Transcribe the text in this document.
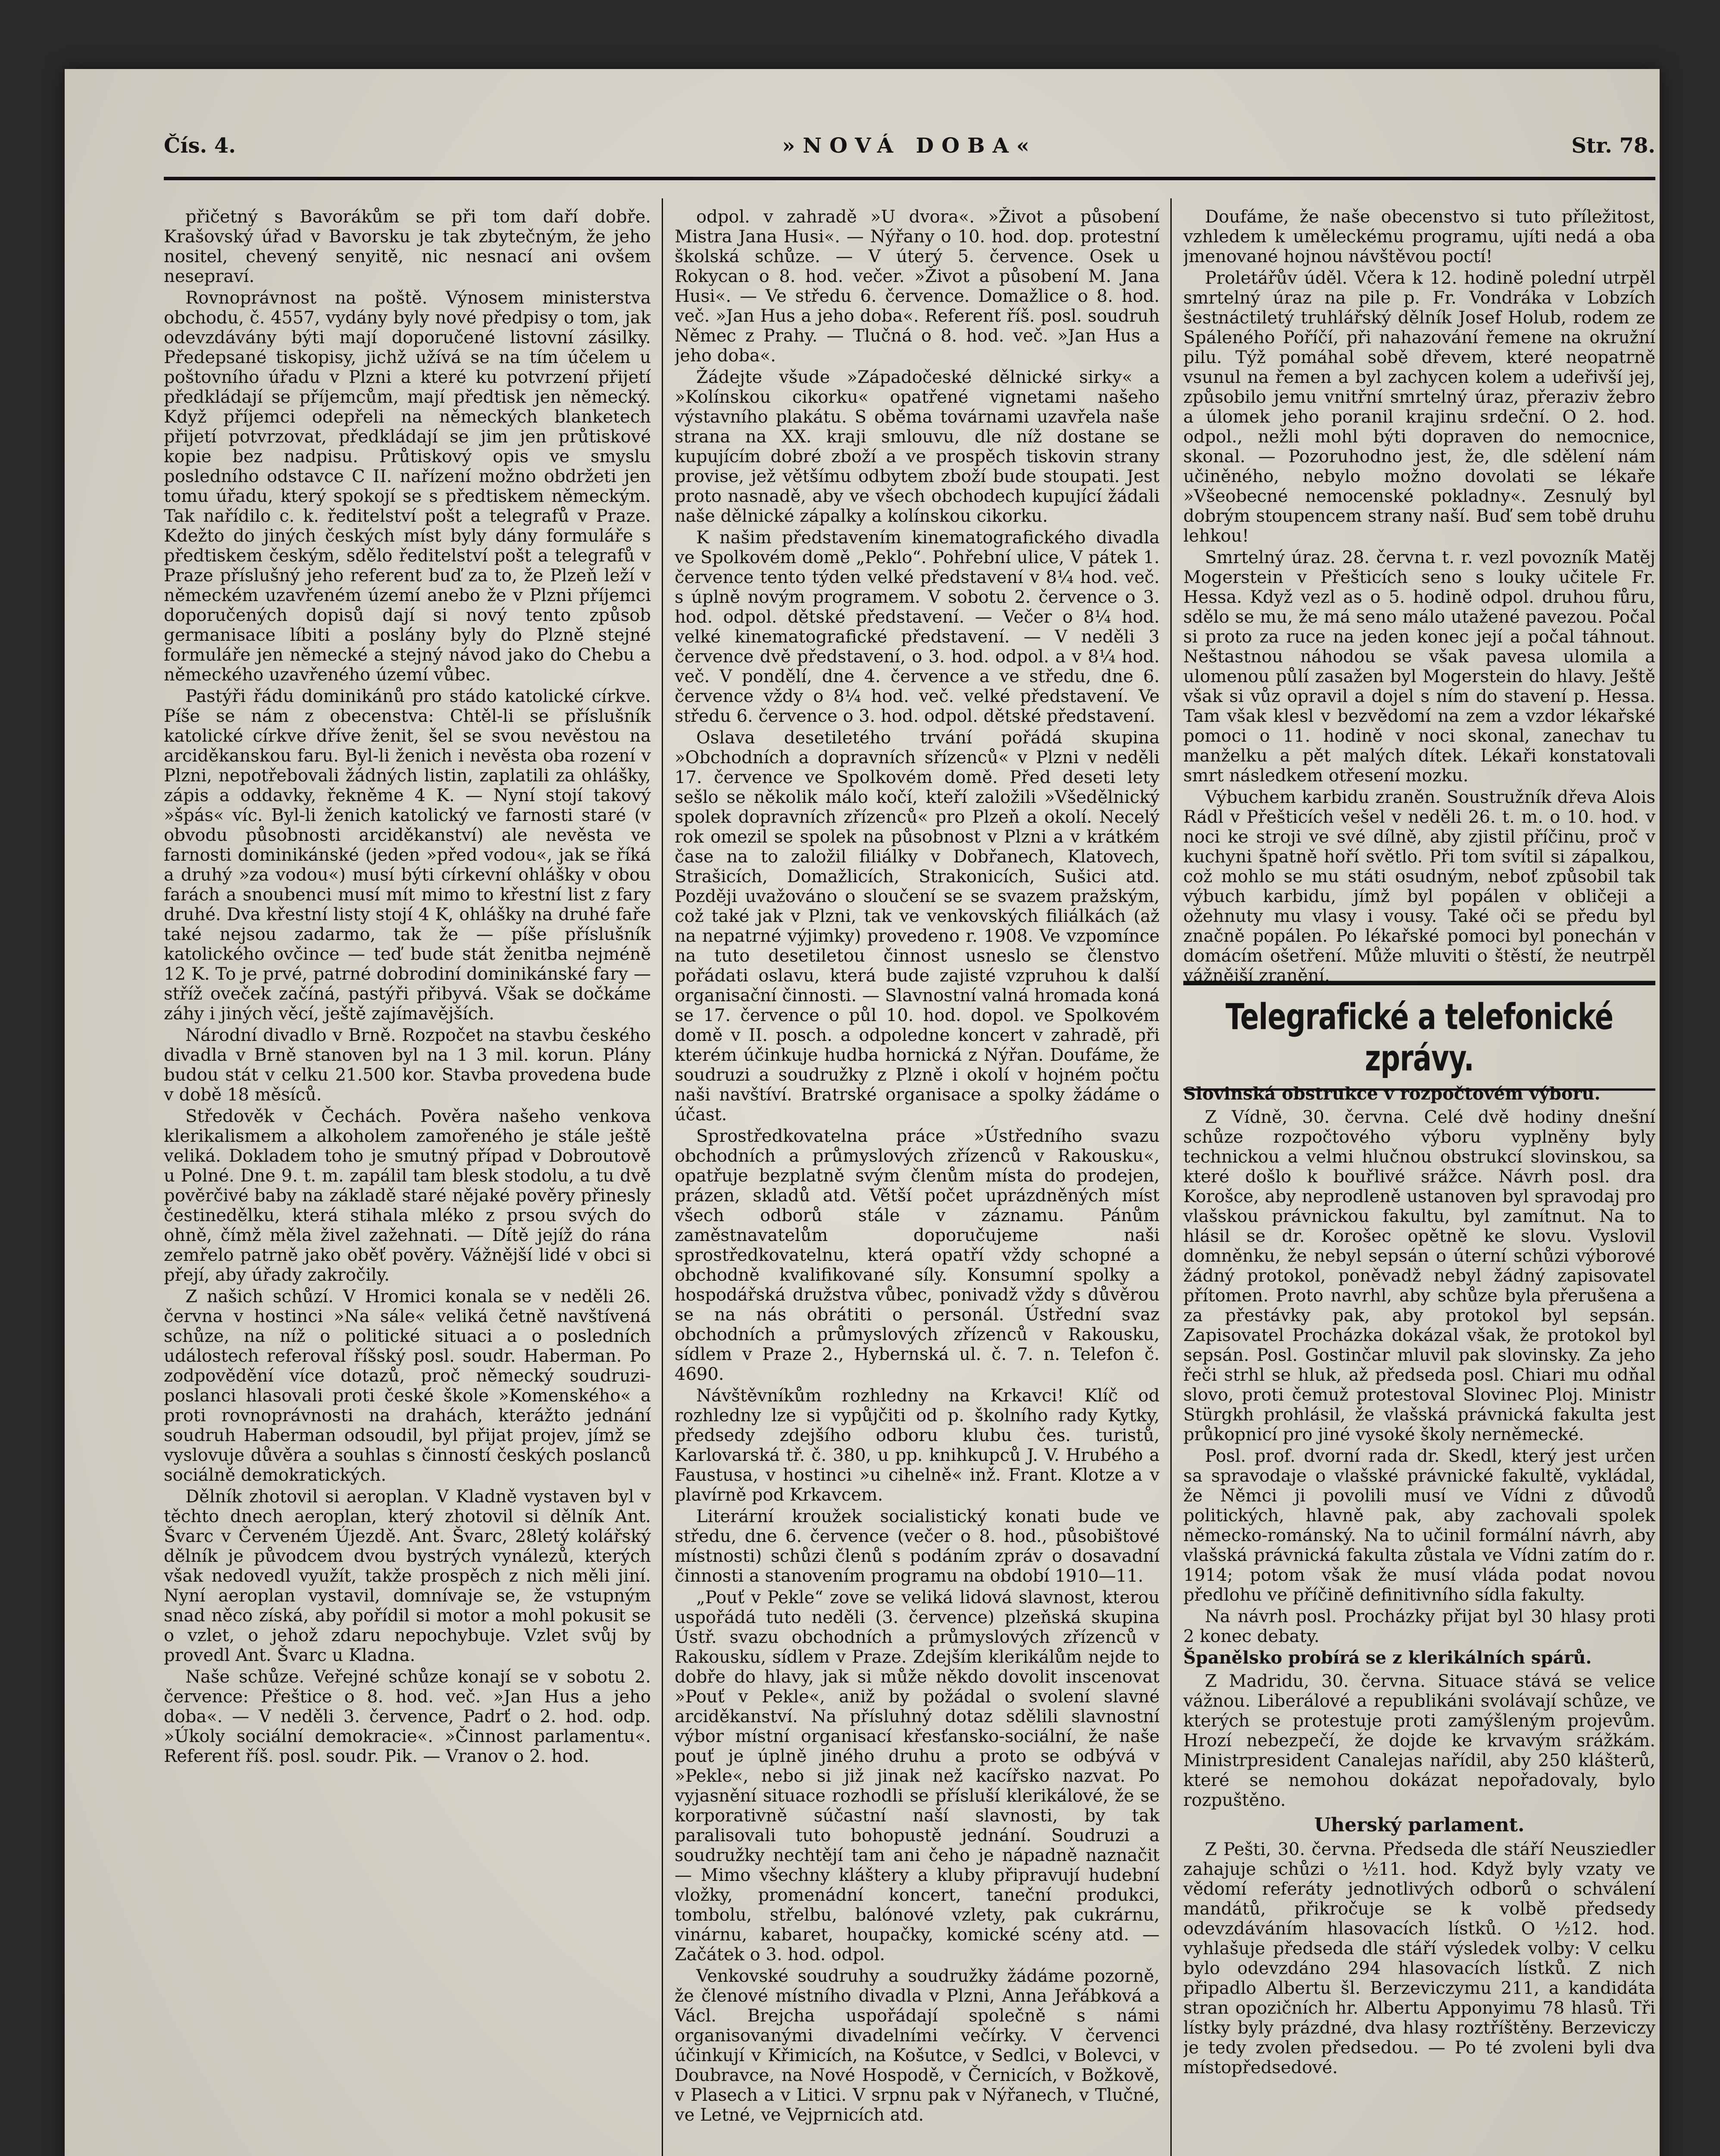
Čís. 4.	»NOVÁ DOBA«	Str. 78.

přičetný s Bavorákům se při tom daří dobře. Krašovský úřad v Bavorsku je tak zbytečným, že jeho nositel, chevený senyitě, nic nesnací ani ovšem nesepraví.

Rovnoprávnost na poště. Výnosem ministerstva obchodu, č. 4557, vydány byly nové předpisy o tom, jak odevzdávány býti mají doporučené listovní zásilky. Předepsané tiskopisy, jichž užívá se na tím účelem u poštovního úřadu v Plzni a které ku potvrzení přijetí předkládají se příjemcům, mají předtisk jen německý. Když příjemci odepřeli na německých blanketech přijetí potvrzovat, předkládají se jim jen průtiskové kopie bez nadpisu. Průtiskový opis ve smyslu posledního odstavce C II. nařízení možno obdržeti jen tomu úřadu, který spokojí se s předtiskem německým. Tak nařídilo c. k. ředitelství pošt a telegrafů v Praze. Kdežto do jiných českých míst byly dány formuláře s předtiskem českým, sdělo ředitelství pošt a telegrafů v Praze příslušný jeho referent buď za to, že Plzeň leží v německém uzavřeném území anebo že v Plzni příjemci doporučených dopisů dají si nový tento způsob germanisace líbiti a poslány byly do Plzně stejné formuláře jen německé a stejný návod jako do Chebu a německého uzavřeného území vůbec.

Pastýři řádu dominikánů pro stádo katolické církve. Píše se nám z obecenstva: Chtěl-li se příslušník katolické církve dříve ženit, šel se svou nevěstou na arciděkanskou faru. Byl-li ženich i nevěsta oba rození v Plzni, nepotřebovali žádných listin, zaplatili za ohlášky, zápis a oddavky, řekněme 4 K. — Nyní stojí takový »špás« víc. Byl-li ženich katolický ve farnosti staré (v obvodu působnosti arciděkanství) ale nevěsta ve farnosti dominikánské (jeden »před vodou«, jak se říká a druhý »za vodou«) musí býti církevní ohlášky v obou farách a snoubenci musí mít mimo to křestní list z fary druhé. Dva křestní listy stojí 4 K, ohlášky na druhé faře také nejsou zadarmo, tak že — píše příslušník katolického ovčince — teď bude stát ženitba nejméně 12 K. To je prvé, patrné dobrodiní dominikánské fary — stříž oveček začíná, pastýři přibyvá. Však se dočkáme záhy i jiných věcí, ještě zajímavějších.

Národní divadlo v Brně. Rozpočet na stavbu českého divadla v Brně stanoven byl na 1 3 mil. korun. Plány budou stát v celku 21.500 kor. Stavba provedena bude v době 18 měsíců.

Středověk v Čechách. Pověra našeho venkova klerikalismem a alkoholem zamořeného je stále ještě veliká. Dokladem toho je smutný případ v Dobroutově u Polné. Dne 9. t. m. zapálil tam blesk stodolu, a tu dvě pověrčivé baby na základě staré nějaké pověry přinesly čestinedělku, která stihala mléko z prsou svých do ohně, čímž měla živel zažehnati. — Dítě jejíž do rána zemřelo patrně jako oběť pověry. Vážnější lidé v obci si přejí, aby úřady zakročily.

Z našich schůzí. V Hromici konala se v neděli 26. června v hostinci »Na sále« veliká četně navštívená schůze, na níž o politické situaci a o posledních událostech referoval říšský posl. soudr. Haberman. Po zodpovědění více dotazů, proč německý soudruzi-poslanci hlasovali proti české škole »Komenského« a proti rovnoprávnosti na drahách, kterážto jednání soudruh Haberman odsoudil, byl přijat projev, jímž se vyslovuje důvěra a souhlas s činností českých poslanců sociálně demokratických.

Dělník zhotovil si aeroplan. V Kladně vystaven byl v těchto dnech aeroplan, který zhotovil si dělník Ant. Švarc v Červeném Újezdě. Ant. Švarc, 28letý kolářský dělník je původcem dvou bystrých vynálezů, kterých však nedovedl využít, takže prospěch z nich měli jiní. Nyní aeroplan vystavil, domnívaje se, že vstupným snad něco získá, aby pořídil si motor a mohl pokusit se o vzlet, o jehož zdaru nepochybuje. Vzlet svůj by provedl Ant. Švarc u Kladna.

Naše schůze. Veřejné schůze konají se v sobotu 2. července: Přeštice o 8. hod. več. »Jan Hus a jeho doba«. — V neděli 3. července, Padrť o 2. hod. odp. »Úkoly sociální demokracie«. »Činnost parlamentu«. Referent říš. posl. soudr. Pik. — Vranov o 2. hod.

odpol. v zahradě »U dvora«. »Život a působení Mistra Jana Husi«. — Nýřany o 10. hod. dop. protestní školská schůze. — V úterý 5. července. Osek u Rokycan o 8. hod. večer. »Život a působení M. Jana Husi«. — Ve středu 6. července. Domažlice o 8. hod. več. »Jan Hus a jeho doba«. Referent říš. posl. soudruh Němec z Prahy. — Tlučná o 8. hod. več. »Jan Hus a jeho doba«.

Žádejte všude »Západočeské dělnické sirky« a »Kolínskou cikorku« opatřené vignetami našeho výstavního plakátu. S oběma továrnami uzavřela naše strana na XX. kraji smlouvu, dle níž dostane se kupujícím dobré zboží a ve prospěch tiskovin strany provise, jež většímu odbytem zboží bude stoupati. Jest proto nasnadě, aby ve všech obchodech kupující žádali naše dělnické zápalky a kolínskou cikorku.

K našim představením kinematografického divadla ve Spolkovém domě „Peklo“. Pohřební ulice, V pátek 1. července tento týden velké představení v 8¼ hod. več. s úplně novým programem. V sobotu 2. července o 3. hod. odpol. dětské představení. — Večer o 8¼ hod. velké kinematografické představení. — V neděli 3 července dvě představení, o 3. hod. odpol. a v 8¼ hod. več. V pondělí, dne 4. července a ve středu, dne 6. července vždy o 8¼ hod. več. velké představení. Ve středu 6. července o 3. hod. odpol. dětské představení.

Oslava desetiletého trvání pořádá skupina »Obchodních a dopravních sřízenců« v Plzni v neděli 17. července ve Spolkovém domě. Před deseti lety sešlo se několik málo kočí, kteří založili »Všedělnický spolek dopravních zřízenců« pro Plzeň a okolí. Necelý rok omezil se spolek na působnost v Plzni a v krátkém čase na to založil filiálky v Dobřanech, Klatovech, Strašicích, Domažlicích, Strakonicích, Sušici atd. Později uvažováno o sloučení se se svazem pražským, což také jak v Plzni, tak ve venkovských filiálkách (až na nepatrné výjimky) provedeno r. 1908. Ve vzpomínce na tuto desetiletou činnost usneslo se členstvo pořádati oslavu, která bude zajisté vzpruhou k další organisační činnosti. — Slavnostní valná hromada koná se 17. července o půl 10. hod. dopol. ve Spolkovém domě v II. posch. a odpoledne koncert v zahradě, při kterém účinkuje hudba hornická z Nýřan. Doufáme, že soudruzi a soudružky z Plzně i okolí v hojném počtu naši navštíví. Bratrské organisace a spolky žádáme o účast.

Sprostředkovatelna práce »Ústředního svazu obchodních a průmyslových zřízenců v Rakousku«, opatřuje bezplatně svým členům místa do prodejen, prázen, skladů atd. Větší počet uprázdněných míst všech odborů stále v záznamu. Pánům zaměstnavatelům doporučujeme naši sprostředkovatelnu, která opatří vždy schopné a obchodně kvalifikované síly. Konsumní spolky a hospodářská družstva vůbec, ponivadž vždy s důvěrou se na nás obrátiti o personál. Ústřední svaz obchodních a průmyslových zřízenců v Rakousku, sídlem v Praze 2., Hybernská ul. č. 7. n. Telefon č. 4690.

Návštěvníkům rozhledny na Krkavci! Klíč od rozhledny lze si vypůjčiti od p. školního rady Kytky, předsedy zdejšího odboru klubu čes. turistů, Karlovarská tř. č. 380, u pp. knihkupců J. V. Hrubého a Faustusa, v hostinci »u cihelně« inž. Frant. Klotze a v plavírně pod Krkavcem.

Literární kroužek socialistický konati bude ve středu, dne 6. července (večer o 8. hod., působištové místnosti) schůzi členů s podáním zpráv o dosavadní činnosti a stanovením programu na období 1910—11.

„Pouť v Pekle“ zove se veliká lidová slavnost, kterou uspořádá tuto neděli (3. července) plzeňská skupina Ústř. svazu obchodních a průmyslových zřízenců v Rakousku, sídlem v Praze. Zdejším klerikálům nejde to dobře do hlavy, jak si může někdo dovolit inscenovat »Pouť v Pekle«, aniž by požádal o svolení slavné arciděkanství. Na přísluhný dotaz sdělili slavnostní výbor místní organisací křesťansko-sociální, že naše pouť je úplně jiného druhu a proto se odbývá v »Pekle«, nebo si již jinak než kacířsko nazvat. Po vyjasnění situace rozhodli se přísluší klerikálové, že se korporativně súčastní naší slavnosti, by tak paralisovali tuto bohopustě jednání. Soudruzi a soudružky nechtějí tam ani čeho je nápadně naznačit — Mimo všechny kláštery a kluby připravují hudební vložky, promenádní koncert, taneční produkci, tombolu, střelbu, balónové vzlety, pak cukrárnu, vinárnu, kabaret, houpačky, komické scény atd. — Začátek o 3. hod. odpol.

Venkovské soudruhy a soudružky žádáme pozorně, že členové místního divadla v Plzni, Anna Jeřábková a Václ. Brejcha uspořádají společně s námi organisovanými divadelními večírky. V červenci účinkují v Křimicích, na Košutce, v Sedlci, v Bolevci, v Doubravce, na Nové Hospodě, v Černicích, v Božkově, v Plasech a v Litici. V srpnu pak v Nýřanech, v Tlučné, ve Letné, ve Vejprnicích atd.

Doufáme, že naše obecenstvo si tuto příležitost, vzhledem k uměleckému programu, ujíti nedá a oba jmenované hojnou návštěvou poctí!

Proletářův úděl. Včera k 12. hodině polední utrpěl smrtelný úraz na pile p. Fr. Vondráka v Lobzích šestnáctiletý truhlářský dělník Josef Holub, rodem ze Spáleného Poříčí, při nahazování řemene na okružní pilu. Týž pomáhal sobě dřevem, které neopatrně vsunul na řemen a byl zachycen kolem a udeřivší jej, způsobilo jemu vnitřní smrtelný úraz, přeraziv žebro a úlomek jeho poranil krajinu srdeční. O 2. hod. odpol., nežli mohl býti dopraven do nemocnice, skonal. — Pozoruhodno jest, že, dle sdělení nám učiněného, nebylo možno dovolati se lékaře »Všeobecné nemocenské pokladny«. Zesnulý byl dobrým stoupencem strany naší. Buď sem tobě druhu lehkou!

Smrtelný úraz. 28. června t. r. vezl povozník Matěj Mogerstein v Přešticích seno s louky učitele Fr. Hessa. Když vezl as o 5. hodině odpol. druhou fůru, sdělo se mu, že má seno málo utažené pavezou. Počal si proto za ruce na jeden konec její a počal táhnout. Neštastnou náhodou se však pavesa ulomila a ulomenou půlí zasažen byl Mogerstein do hlavy. Ještě však si vůz opravil a dojel s ním do stavení p. Hessa. Tam však klesl v bezvědomí na zem a vzdor lékařské pomoci o 11. hodině v noci skonal, zanechav tu manželku a pět malých dítek. Lékaři konstatovali smrt následkem otřesení mozku.

Výbuchem karbidu zraněn. Soustružník dřeva Alois Rádl v Přešticích vešel v neděli 26. t. m. o 10. hod. v noci ke stroji ve své dílně, aby zjistil příčinu, proč v kuchyni špatně hoří světlo. Při tom svítil si zápalkou, což mohlo se mu státi osudným, neboť způsobil tak výbuch karbidu, jímž byl popálen v obličeji a ožehnuty mu vlasy i vousy. Také oči se předu byl značně popálen. Po lékařské pomoci byl ponechán v domácím ošetření. Může mluviti o štěstí, že neutrpěl vážnější zranění.

Telegrafické a telefonické zprávy.

Slovinská obstrukce v rozpočtovém výboru.

Z Vídně, 30. června. Celé dvě hodiny dnešní schůze rozpočtového výboru vyplněny byly technickou a velmi hlučnou obstrukcí slovinskou, sa které došlo k bouřlivé srážce. Návrh posl. dra Korošce, aby neprodleně ustanoven byl spravodaj pro vlašskou právnickou fakultu, byl zamítnut. Na to hlásil se dr. Korošec opětně ke slovu. Vyslovil domněnku, že nebyl sepsán o úterní schůzi výborové žádný protokol, poněvadž nebyl žádný zapisovatel přítomen. Proto navrhl, aby schůze byla přerušena a za přestávky pak, aby protokol byl sepsán. Zapisovatel Procházka dokázal však, že protokol byl sepsán. Posl. Gostinčar mluvil pak slovinsky. Za jeho řeči strhl se hluk, až předseda posl. Chiari mu odňal slovo, proti čemuž protestoval Slovinec Ploj. Ministr Stürgkh prohlásil, že vlašská právnická fakulta jest průkopnicí pro jiné vysoké školy nerněmecké.

Posl. prof. dvorní rada dr. Skedl, který jest určen sa spravodaje o vlašské právnické fakultě, vykládal, že Němci ji povolili musí ve Vídni z důvodů politických, hlavně pak, aby zachovali spolek německo-románský. Na to učinil formální návrh, aby vlašská právnická fakulta zůstala ve Vídni zatím do r. 1914; potom však že musí vláda podat novou předlohu ve příčině definitivního sídla fakulty.

Na návrh posl. Procházky přijat byl 30 hlasy proti 2 konec debaty.

Španělsko probírá se z klerikálních spárů.

Z Madridu, 30. června. Situace stává se velice vážnou. Liberálové a republikáni svolávají schůze, ve kterých se protestuje proti zamýšleným projevům. Hrozí nebezpečí, že dojde ke krvavým srážkám. Ministrpresident Canalejas nařídil, aby 250 klášterů, které se nemohou dokázat nepořadovaly, bylo rozpuštěno.

Uherský parlament.

Z Pešti, 30. června. Předseda dle stáří Neusziedler zahajuje schůzi o ½11. hod. Když byly vzaty ve vědomí referáty jednotlivých odborů o schválení mandátů, přikročuje se k volbě předsedy odevzdáváním hlasovacích lístků. O ½12. hod. vyhlašuje předseda dle stáří výsledek volby: V celku bylo odevzdáno 294 hlasovacích lístků. Z nich připadlo Albertu šl. Berzeviczymu 211, a kandidáta stran opozičních hr. Albertu Apponyimu 78 hlasů. Tři lístky byly prázdné, dva hlasy roztříštěny. Berzeviczy je tedy zvolen předsedou. — Po té zvoleni byli dva místopředsedové.
